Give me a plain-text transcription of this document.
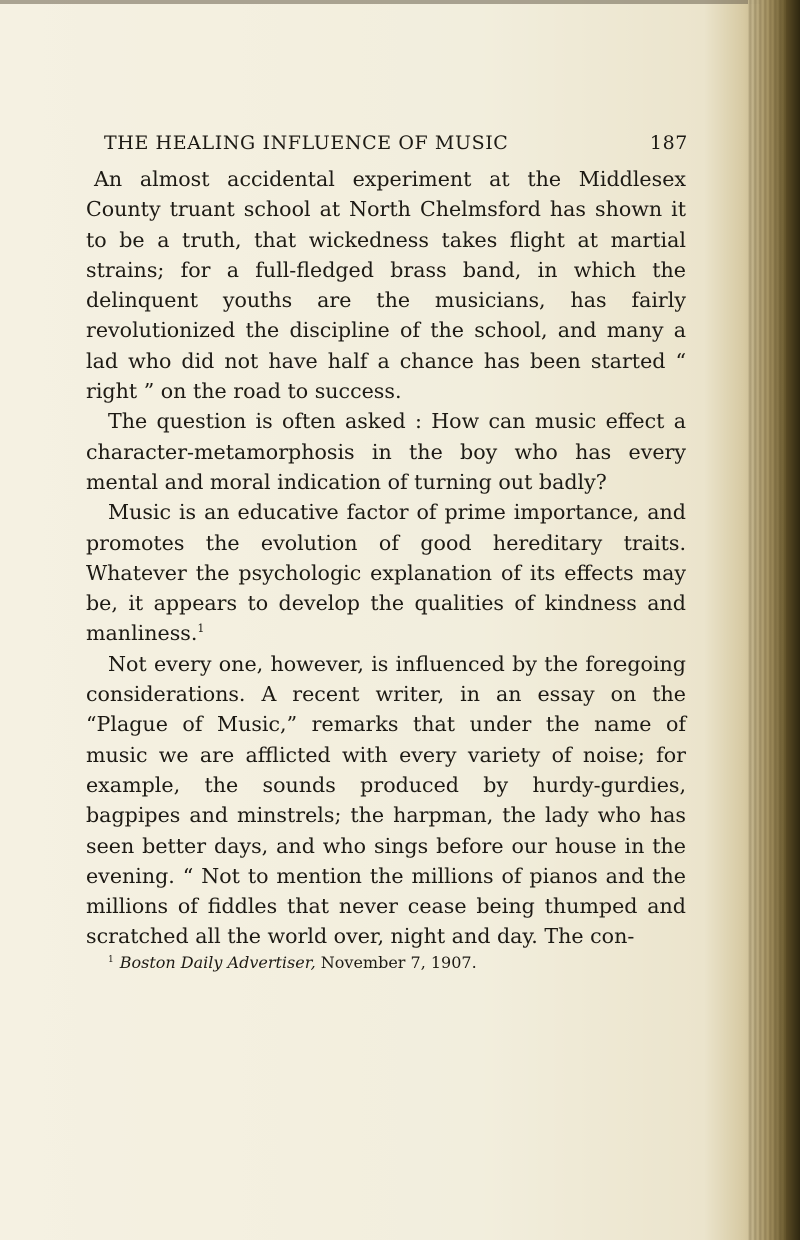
THE HEALING INFLUENCE OF MUSIC	187

An almost accidental experiment at the Middlesex County truant school at North Chelmsford has shown it to be a truth, that wickedness takes flight at martial strains; for a full-fledged brass band, in which the delinquent youths are the musicians, has fairly revolutionized the discipline of the school, and many a lad who did not have half a chance has been started “ right ” on the road to success.

The question is often asked : How can music effect a character-metamorphosis in the boy who has every mental and moral indication of turning out badly?

Music is an educative factor of prime importance, and promotes the evolution of good hereditary traits. Whatever the psychologic explanation of its effects may be, it appears to develop the qualities of kindness and manliness.$^1$

Not every one, however, is influenced by the foregoing considerations. A recent writer, in an essay on the “Plague of Music,” remarks that under the name of music we are afflicted with every variety of noise; for example, the sounds produced by hurdy-gurdies, bagpipes and minstrels; the harpman, the lady who has seen better days, and who sings before our house in the evening. “ Not to mention the millions of pianos and the millions of fiddles that never cease being thumped and scratched all the world over, night and day. The con-

$^1$ Boston Daily Advertiser, November 7, 1907.
